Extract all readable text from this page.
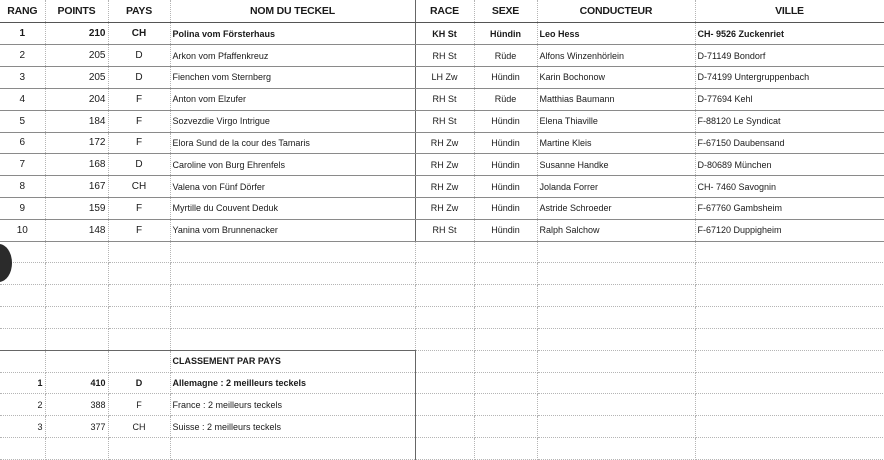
RANG	POINTS	PAYS	NOM DU TECKEL	RACE	SEXE	CONDUCTEUR	VILLE
1	210	CH	Polina vom Försterhaus	KH St	Hündin	Leo Hess	CH- 9526 Zuckenriet
2	205	D	Arkon vom Pfaffenkreuz	RH St	Rüde	Alfons Winzenhörlein	D-71149 Bondorf
3	205	D	Fienchen vom Sternberg	LH Zw	Hündin	Karin Bochonow	D-74199 Untergruppenbach
4	204	F	Anton vom Elzufer	RH St	Rüde	Matthias Baumann	D-77694 Kehl
5	184	F	Sozvezdie Virgo Intrigue	RH St	Hündin	Elena Thiaville	F-88120 Le Syndicat
6	172	F	Elora Sund de la cour des Tamaris	RH Zw	Hündin	Martine Kleis	F-67150 Daubensand
7	168	D	Caroline von Burg Ehrenfels	RH Zw	Hündin	Susanne Handke	D-80689 München
8	167	CH	Valena von Fünf Dörfer	RH Zw	Hündin	Jolanda Forrer	CH- 7460 Savognin
9	159	F	Myrtille du Couvent Deduk	RH Zw	Hündin	Astride Schroeder	F-67760 Gambsheim
10	148	F	Yanina vom Brunnenacker	RH St	Hündin	Ralph Salchow	F-67120 Duppigheim

			CLASSEMENT PAR PAYS				
1	410	D	Allemagne : 2 meilleurs teckels				
2	388	F	France : 2 meilleurs teckels				
3	377	CH	Suisse : 2 meilleurs teckels				
